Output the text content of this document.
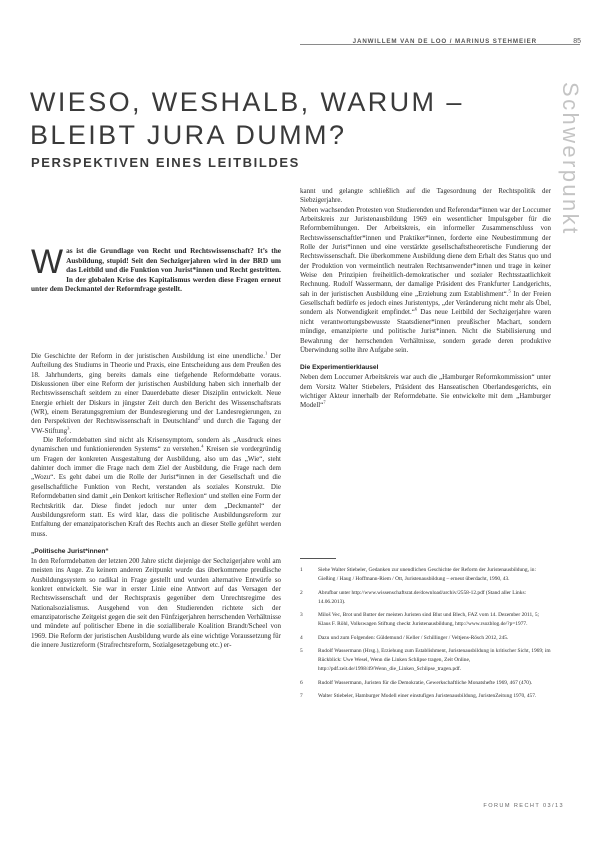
JANWILLEM VAN DE LOO / MARINUS STEHMEIER	85
Schwerpunkt
WIESO, WESHALB, WARUM – BLEIBT JURA DUMM?
PERSPEKTIVEN EINES LEITBILDES
Was ist die Grundlage von Recht und Rechtswissenschaft? It’s the Ausbildung, stupid! Seit den Sechzigerjahren wird in der BRD um das Leitbild und die Funktion von Jurist*innen und Recht gestritten. In der globalen Krise des Kapitalismus werden diese Fragen erneut unter dem Deckmantel der Reformfrage gestellt.

Die Geschichte der Reform in der juristischen Ausbildung ist eine unendliche.$^1$ Der Aufteilung des Studiums in Theorie und Praxis, eine Entscheidung aus dem Preußen des 18. Jahrhunderts, ging bereits damals eine tiefgehende Reformdebatte voraus. Diskussionen über eine Reform der juristischen Ausbildung haben sich innerhalb der Rechtswissenschaft seitdem zu einer Dauerdebatte dieser Disziplin entwickelt. Neue Energie erhielt der Diskurs in jüngster Zeit durch den Bericht des Wissenschaftsrats (WR), einem Beratungsgremium der Bundesregierung und der Landesregierungen, zu den Perspektiven der Rechtswissenschaft in Deutschland$^2$ und durch die Tagung der VW-Stiftung$^3$.

Die Reformdebatten sind nicht als Krisensymptom, sondern als „Ausdruck eines dynamischen und funktionierenden Systems“ zu verstehen.$^4$ Kreisen sie vordergründig um Fragen der konkreten Ausgestaltung der Ausbildung, also um das „Wie“, steht dahinter doch immer die Frage nach dem Ziel der Ausbildung, die Frage nach dem „Wozu“. Es geht dabei um die Rolle der Jurist*innen in der Gesellschaft und die gesellschaftliche Funktion von Recht, verstanden als soziales Konstrukt. Die Reformdebatten sind damit „ein Denkort kritischer Reflexion“ und stellen eine Form der Rechtskritik dar. Diese findet jedoch nur unter dem „Deckmantel“ der Ausbildungsreform statt. Es wird klar, dass die politische Ausbildungsreform zur Entfaltung der emanzipatorischen Kraft des Rechts auch an dieser Stelle geführt werden muss.

„Politische Jurist*innen“

In den Reformdebatten der letzten 200 Jahre sticht diejenige der Sechzigerjahre wohl am meisten ins Auge. Zu keinem anderen Zeitpunkt wurde das überkommene preußische Ausbildungssystem so radikal in Frage gestellt und wurden alternative Entwürfe so konkret entwickelt. Sie war in erster Linie eine Antwort auf das Versagen der Rechtswissenschaft und der Rechtspraxis gegenüber dem Unrechtsregime des Nationalsozialismus. Ausgehend von den Studierenden richtete sich der emanzipatorische Zeitgeist gegen die seit den Fünfzigerjahren herrschenden Verhältnisse und mündete auf politischer Ebene in die sozialliberale Koalition Brandt/Scheel von 1969. Die Reform der juristischen Ausbildung wurde als eine wichtige Voraussetzung für die innere Justizreform (Strafrechtsreform, Sozialgesetzgebung etc.) er-

kannt und gelangte schließlich auf die Tagesordnung der Rechtspolitik der Siebzigerjahre.

Neben wachsenden Protesten von Studierenden und Referendar*innen war der Loccumer Arbeitskreis zur Juristenausbildung 1969 ein wesentlicher Impulsgeber für die Reformbemühungen. Der Arbeitskreis, ein informeller Zusammenschluss von Rechtswissenschaftler*innen und Praktiker*innen, forderte eine Neubestimmung der Rolle der Jurist*innen und eine verstärkte gesellschaftstheoretische Fundierung der Rechtswissenschaft. Die überkommene Ausbildung diene dem Erhalt des Status quo und der Produktion von vermeintlich neutralen Rechtsanwender*innen und trage in keiner Weise den Prinzipien freiheitlich-demokratischer und sozialer Rechtsstaatlichkeit Rechnung. Rudolf Wassermann, der damalige Präsident des Frankfurter Landgerichts, sah in der juristischen Ausbildung eine „Erziehung zum Establishment“.$^5$ In der Freien Gesellschaft bedürfe es jedoch eines Juristentyps, „der Veränderung nicht mehr als Übel, sondern als Notwendigkeit empfindet.“$^6$ Das neue Leitbild der Sechzigerjahre waren nicht verantwortungsbewusste Staatsdiener*innen preußischer Machart, sondern mündige, emanzipierte und politische Jurist*innen. Nicht die Stabilisierung und Bewahrung der herrschenden Verhältnisse, sondern gerade deren produktive Überwindung sollte ihre Aufgabe sein.

Die Experimentierklausel

Neben dem Loccumer Arbeitskreis war auch die „Hamburger Reformkommission“ unter dem Vorsitz Walter Stiebelers, Präsident des Hanseatischen Oberlandesgerichts, ein wichtiger Akteur innerhalb der Reformdebatte. Sie entwickelte mit dem „Hamburger Modell“$^7$

1	Siehe Walter Stiebeler, Gedanken zur unendlichen Geschichte der Reform der Juristenausbildung, in: Gießing / Haug / Hoffmann-Riem / Ott, Juristenausbildung – erneut überdacht, 1990, 43.
2	Abrufbar unter http://www.wissenschaftsrat.de/download/archiv/2558-12.pdf (Stand aller Links: 14.06.2013).
3	Miloš Vec, Brot und Butter der meisten Juristen sind Blut und Blech, FAZ vom 14. Dezember 2011, 5; Klaus F. Röhl, Volkswagen Stiftung checkt Juristenausbildung, http://www.rsozblog.de/?p=1977.
4	Dazu und zum Folgenden: Güldemund / Keller / Schillinger / Veltjens-Rösch 2012, 245.
5	Rudolf Wassermann (Hrsg.), Erziehung zum Establishment, Juristenausbildung in kritischer Sicht, 1969; im Rückblick: Uwe Wesel, Wenn die Linken Schlipse tragen, Zeit Online, http://pdf.zeit.de/1998/49/Wenn_die_Linken_Schlipse_tragen.pdf.
6	Rudolf Wassermann, Juristen für die Demokratie, Gewerkschaftliche Monatshefte 1969, 467 (470).
7	Walter Stiebeler, Hamburger Modell einer einstufigen Juristenausbildung, JuristenZeitung 1970, 457.
FORUM RECHT 03/13
